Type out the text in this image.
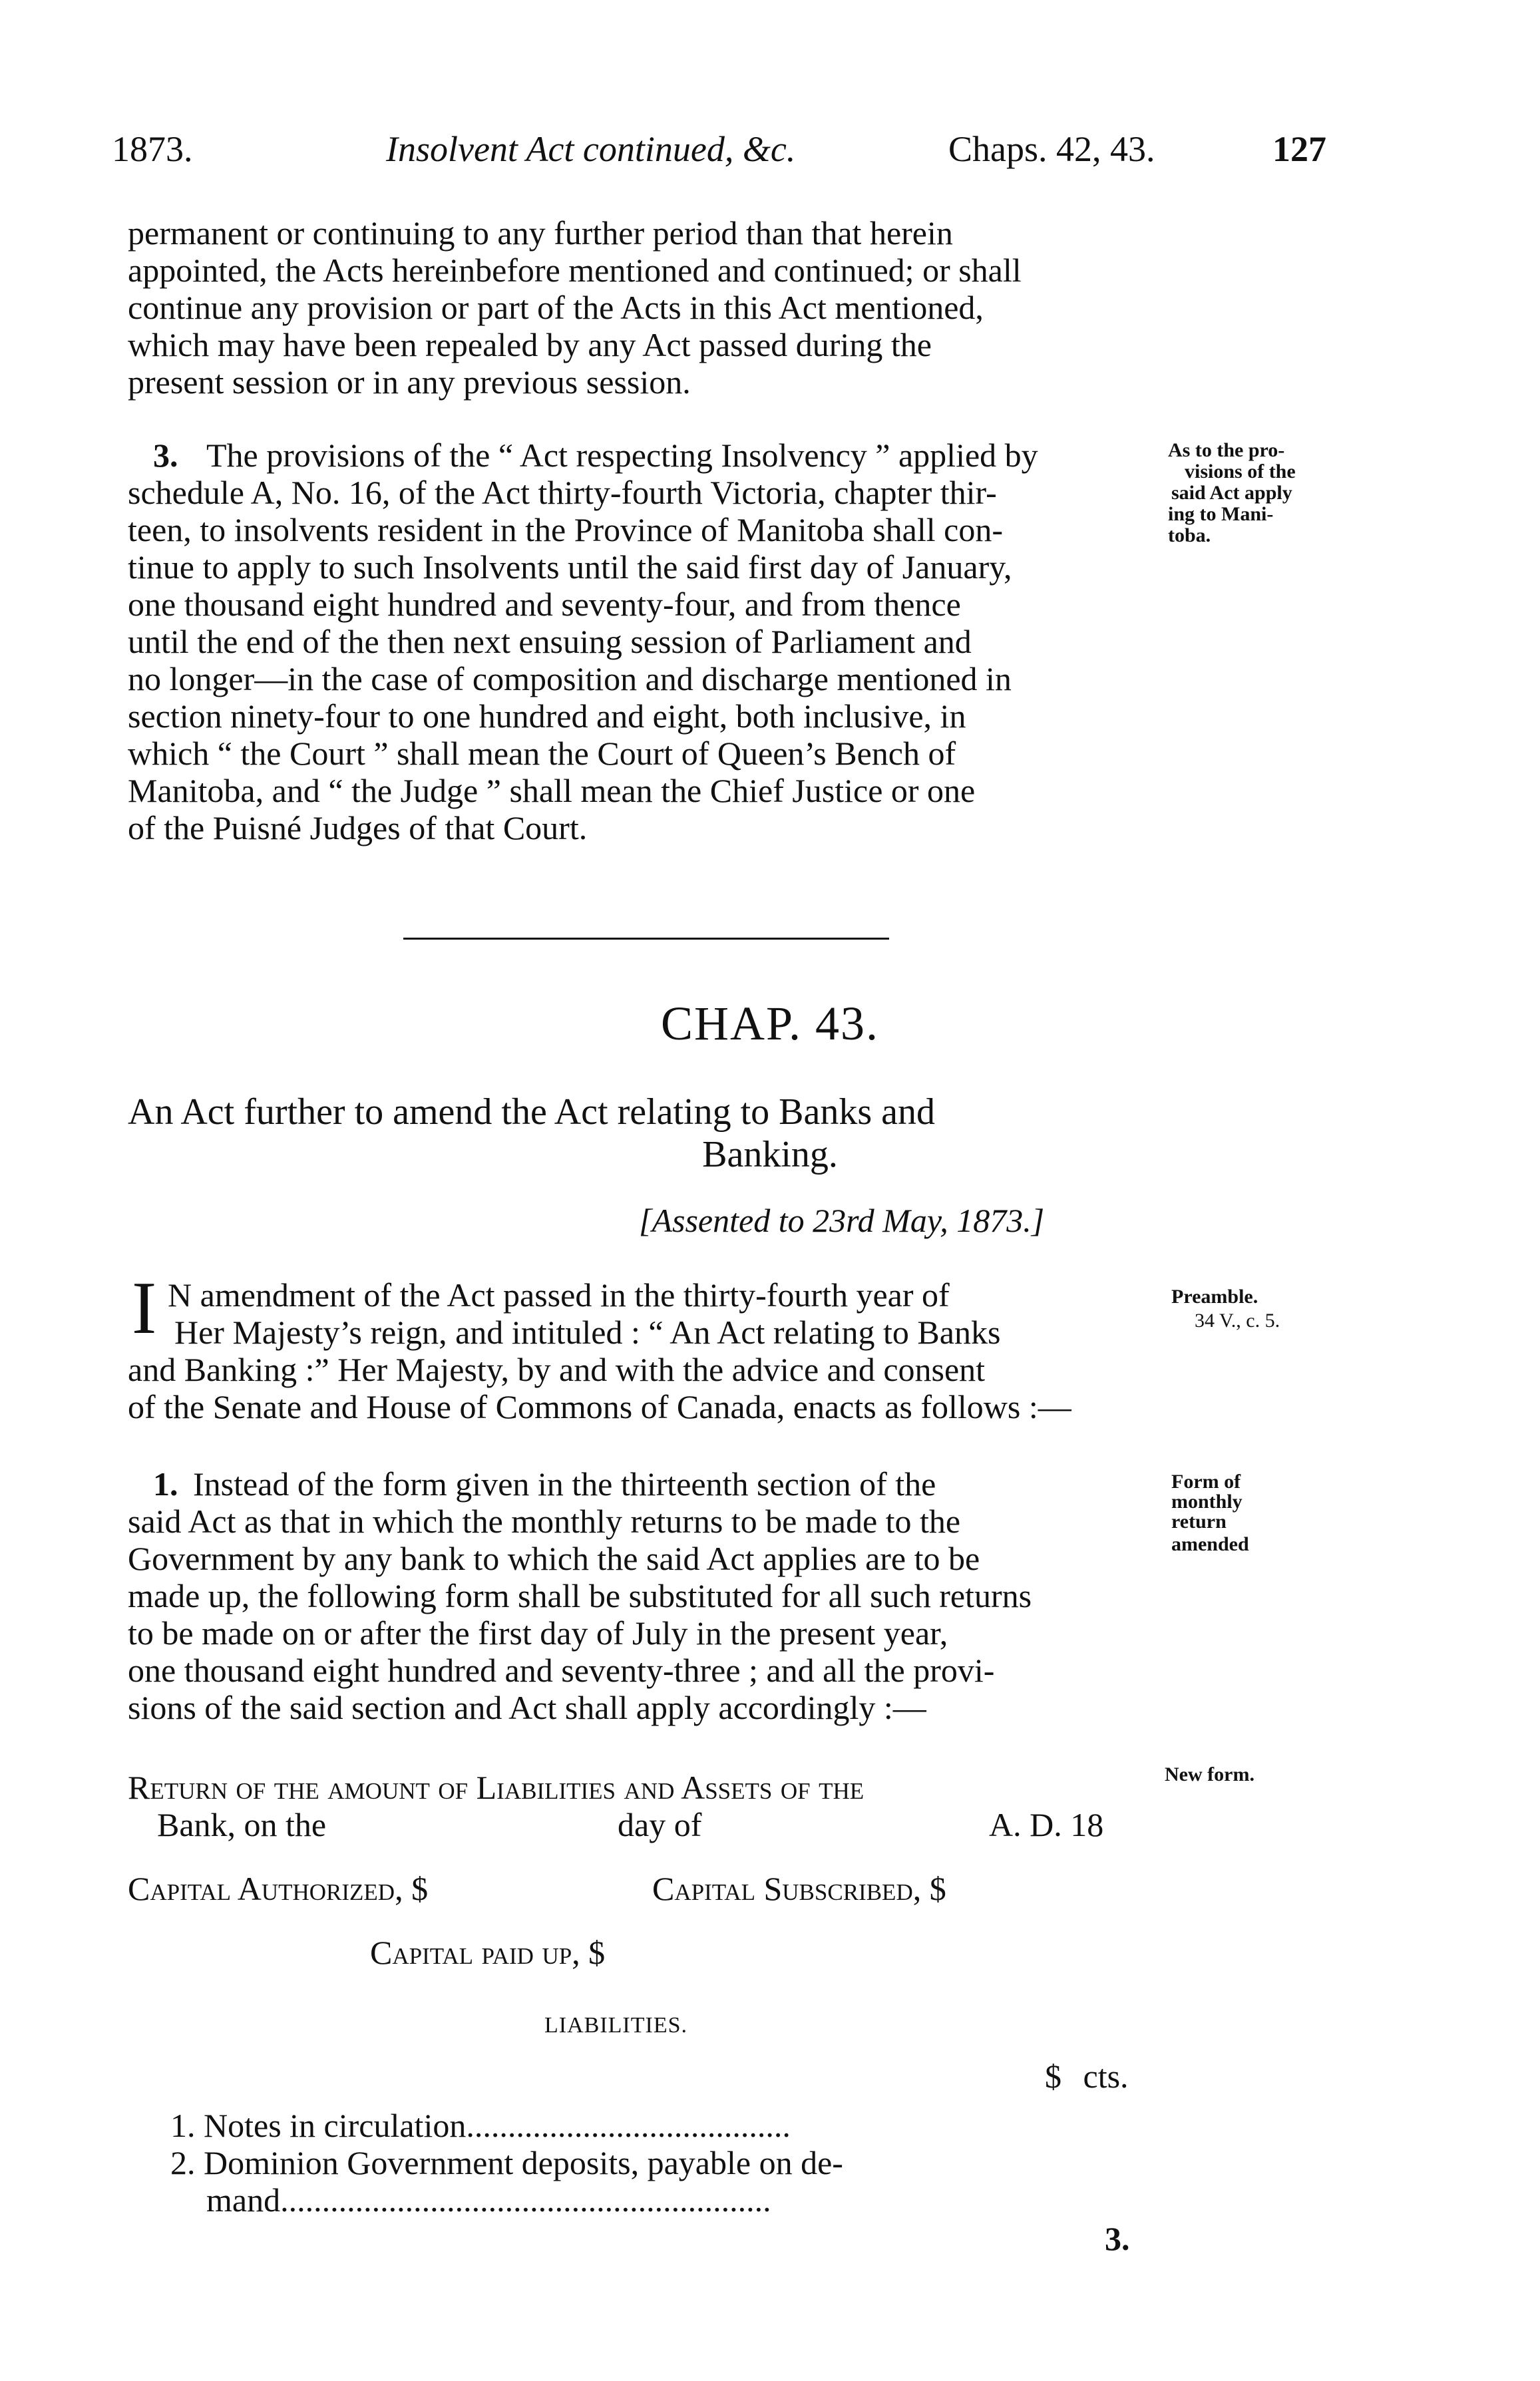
1873.	Insolvent Act continued, &c.	Chaps. 42, 43.	127
permanent or continuing to any further period than that herein
appointed, the Acts hereinbefore mentioned and continued; or shall
continue any provision or part of the Acts in this Act mentioned,
which may have been repealed by any Act passed during the
present session or in any previous session.
3. The provisions of the “ Act respecting Insolvency ” applied by
schedule A, No. 16, of the Act thirty-fourth Victoria, chapter thir-
teen, to insolvents resident in the Province of Manitoba shall con-
tinue to apply to such Insolvents until the said first day of January,
one thousand eight hundred and seventy-four, and from thence
until the end of the then next ensuing session of Parliament and
no longer—in the case of composition and discharge mentioned in
section ninety-four to one hundred and eight, both inclusive, in
which “ the Court ” shall mean the Court of Queen’s Bench of
Manitoba, and “ the Judge ” shall mean the Chief Justice or one
of the Puisné Judges of that Court.
As to the pro-
visions of the
said Act apply
ing to Mani-
toba.
CHAP. 43.
An Act further to amend the Act relating to Banks and
Banking.
[Assented to 23rd May, 1873.]
I N amendment of the Act passed in the thirty-fourth year of
Her Majesty’s reign, and intituled : “ An Act relating to Banks
and Banking :” Her Majesty, by and with the advice and consent
of the Senate and House of Commons of Canada, enacts as follows :—
Preamble.
34 V., c. 5.
1. Instead of the form given in the thirteenth section of the
said Act as that in which the monthly returns to be made to the
Government by any bank to which the said Act applies are to be
made up, the following form shall be substituted for all such returns
to be made on or after the first day of July in the present year,
one thousand eight hundred and seventy-three ; and all the provi-
sions of the said section and Act shall apply accordingly :—
Form of
monthly
return
amended
New form.
Return of the amount of Liabilities and Assets of the
Bank, on the	day of	A. D. 18
Capital Authorized, $	Capital Subscribed, $
Capital paid up, $
LIABILITIES.
$ cts.
1. Notes in circulation.......................................
2. Dominion Government deposits, payable on de-
mand...........................................................
3.
